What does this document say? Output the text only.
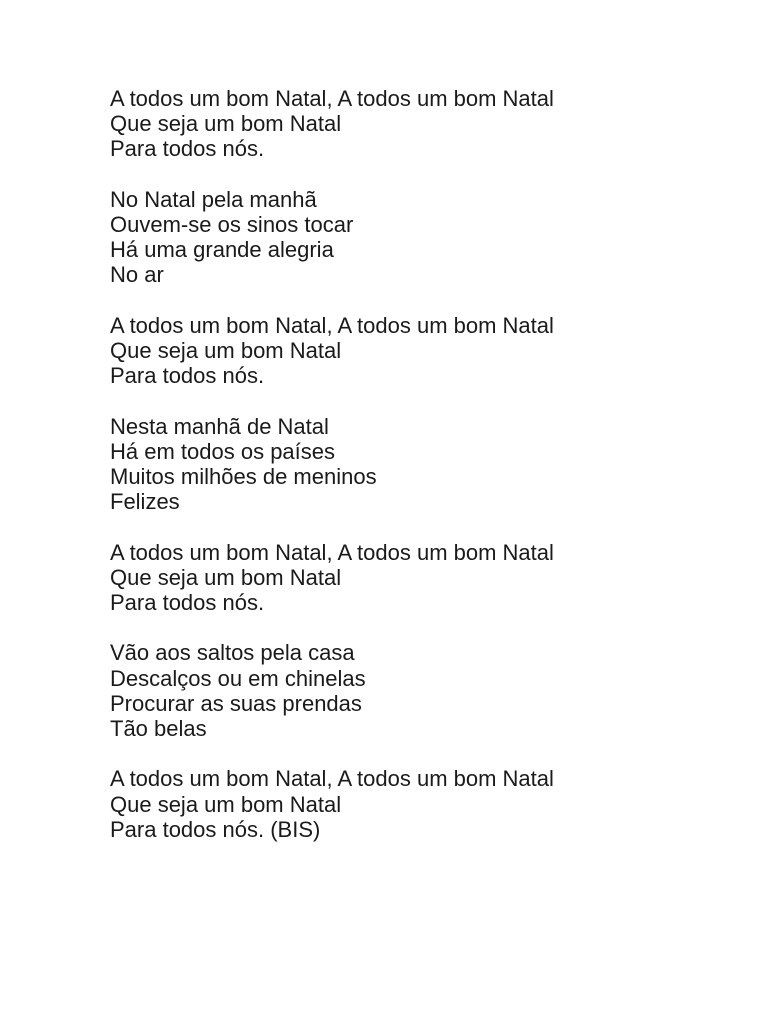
A todos um bom Natal, A todos um bom Natal
Que seja um bom Natal
Para todos nós.
No Natal pela manhã
Ouvem-se os sinos tocar
Há uma grande alegria
No ar
A todos um bom Natal, A todos um bom Natal
Que seja um bom Natal
Para todos nós.
Nesta manhã de Natal
Há em todos os países
Muitos milhões de meninos
Felizes
A todos um bom Natal, A todos um bom Natal
Que seja um bom Natal
Para todos nós.
Vão aos saltos pela casa
Descalços ou em chinelas
Procurar as suas prendas
Tão belas
A todos um bom Natal, A todos um bom Natal
Que seja um bom Natal
Para todos nós. (BIS)
